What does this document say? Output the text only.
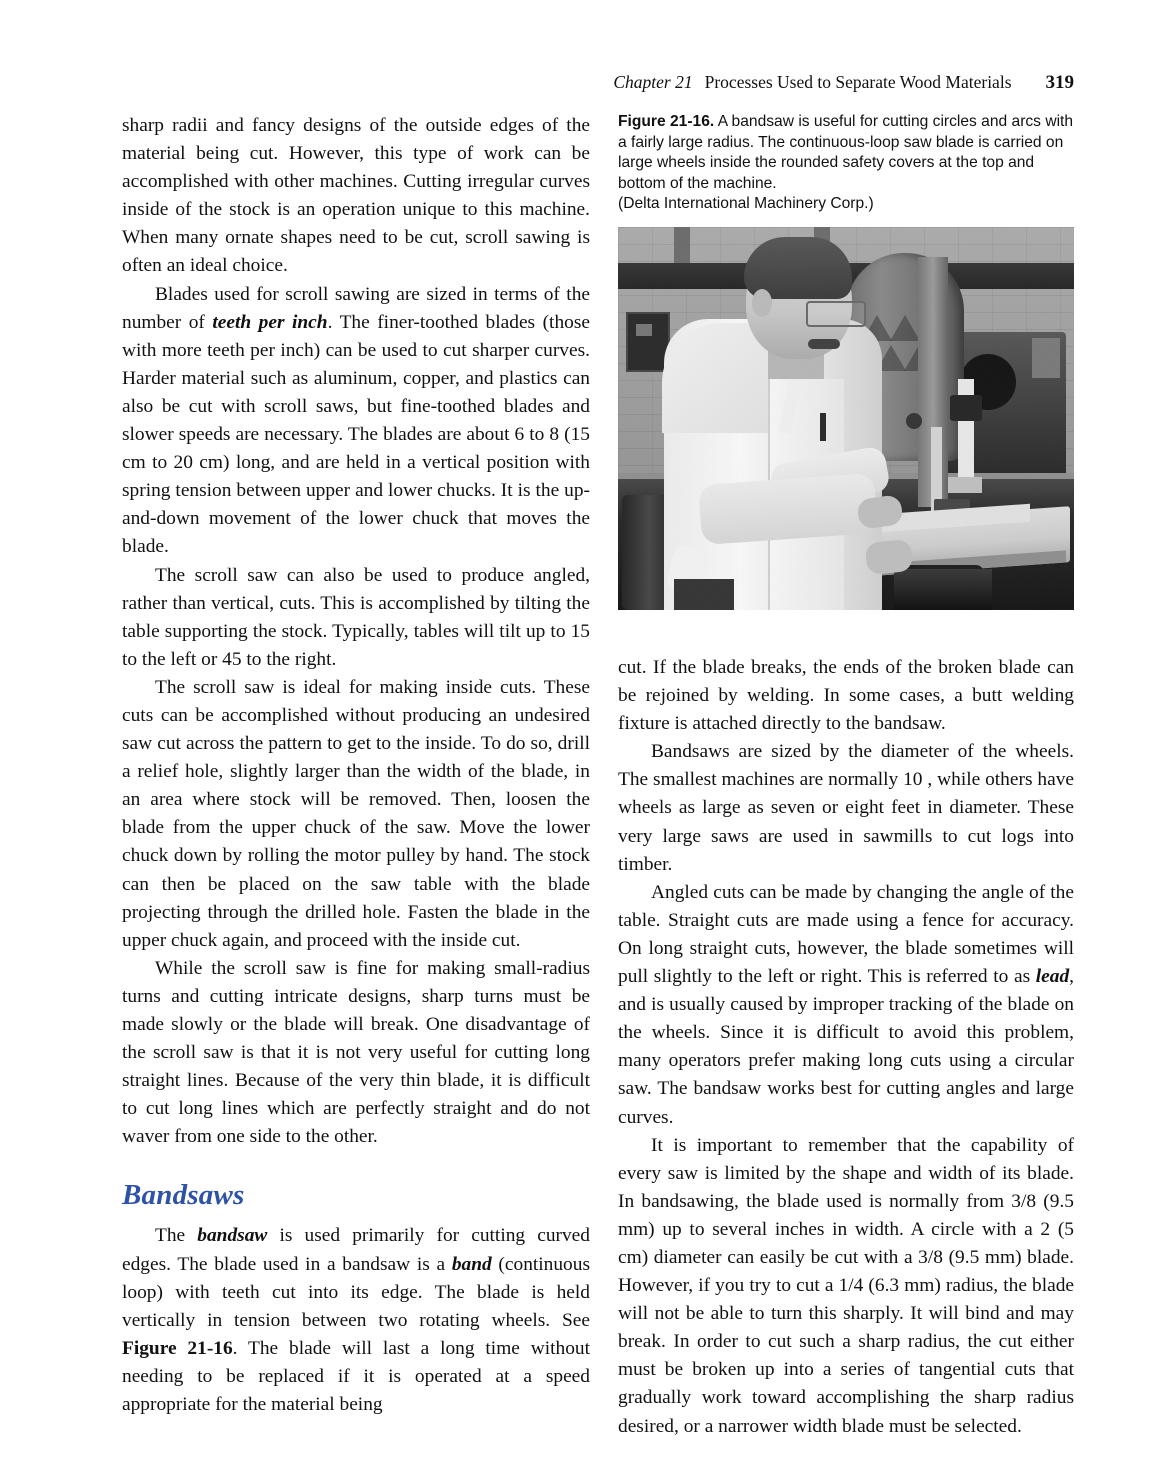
Chapter 21 Processes Used to Separate Wood Materials 319

sharp radii and fancy designs of the outside edges of the material being cut. However, this type of work can be accomplished with other machines. Cutting irregular curves inside of the stock is an operation unique to this machine. When many ornate shapes need to be cut, scroll sawing is often an ideal choice.

Blades used for scroll sawing are sized in terms of the number of teeth per inch. The finer-toothed blades (those with more teeth per inch) can be used to cut sharper curves. Harder material such as aluminum, copper, and plastics can also be cut with scroll saws, but fine-toothed blades and slower speeds are necessary. The blades are about 6 to 8 (15 cm to 20 cm) long, and are held in a vertical position with spring tension between upper and lower chucks. It is the up-and-down movement of the lower chuck that moves the blade.

The scroll saw can also be used to produce angled, rather than vertical, cuts. This is accomplished by tilting the table supporting the stock. Typically, tables will tilt up to 15 to the left or 45 to the right.

The scroll saw is ideal for making inside cuts. These cuts can be accomplished without producing an undesired saw cut across the pattern to get to the inside. To do so, drill a relief hole, slightly larger than the width of the blade, in an area where stock will be removed. Then, loosen the blade from the upper chuck of the saw. Move the lower chuck down by rolling the motor pulley by hand. The stock can then be placed on the saw table with the blade projecting through the drilled hole. Fasten the blade in the upper chuck again, and proceed with the inside cut.

While the scroll saw is fine for making small-radius turns and cutting intricate designs, sharp turns must be made slowly or the blade will break. One disadvantage of the scroll saw is that it is not very useful for cutting long straight lines. Because of the very thin blade, it is difficult to cut long lines which are perfectly straight and do not waver from one side to the other.

Bandsaws

The bandsaw is used primarily for cutting curved edges. The blade used in a bandsaw is a band (continuous loop) with teeth cut into its edge. The blade is held vertically in tension between two rotating wheels. See Figure 21-16. The blade will last a long time without needing to be replaced if it is operated at a speed appropriate for the material being

Figure 21-16. A bandsaw is useful for cutting circles and arcs with a fairly large radius. The continuous-loop saw blade is carried on large wheels inside the rounded safety covers at the top and bottom of the machine.
(Delta International Machinery Corp.)

cut. If the blade breaks, the ends of the broken blade can be rejoined by welding. In some cases, a butt welding fixture is attached directly to the bandsaw.

Bandsaws are sized by the diameter of the wheels. The smallest machines are normally 10 , while others have wheels as large as seven or eight feet in diameter. These very large saws are used in sawmills to cut logs into timber.

Angled cuts can be made by changing the angle of the table. Straight cuts are made using a fence for accuracy. On long straight cuts, however, the blade sometimes will pull slightly to the left or right. This is referred to as lead, and is usually caused by improper tracking of the blade on the wheels. Since it is difficult to avoid this problem, many operators prefer making long cuts using a circular saw. The bandsaw works best for cutting angles and large curves.

It is important to remember that the capability of every saw is limited by the shape and width of its blade. In bandsawing, the blade used is normally from 3/8 (9.5 mm) up to several inches in width. A circle with a 2 (5 cm) diameter can easily be cut with a 3/8 (9.5 mm) blade. However, if you try to cut a 1/4 (6.3 mm) radius, the blade will not be able to turn this sharply. It will bind and may break. In order to cut such a sharp radius, the cut either must be broken up into a series of tangential cuts that gradually work toward accomplishing the sharp radius desired, or a narrower width blade must be selected.
